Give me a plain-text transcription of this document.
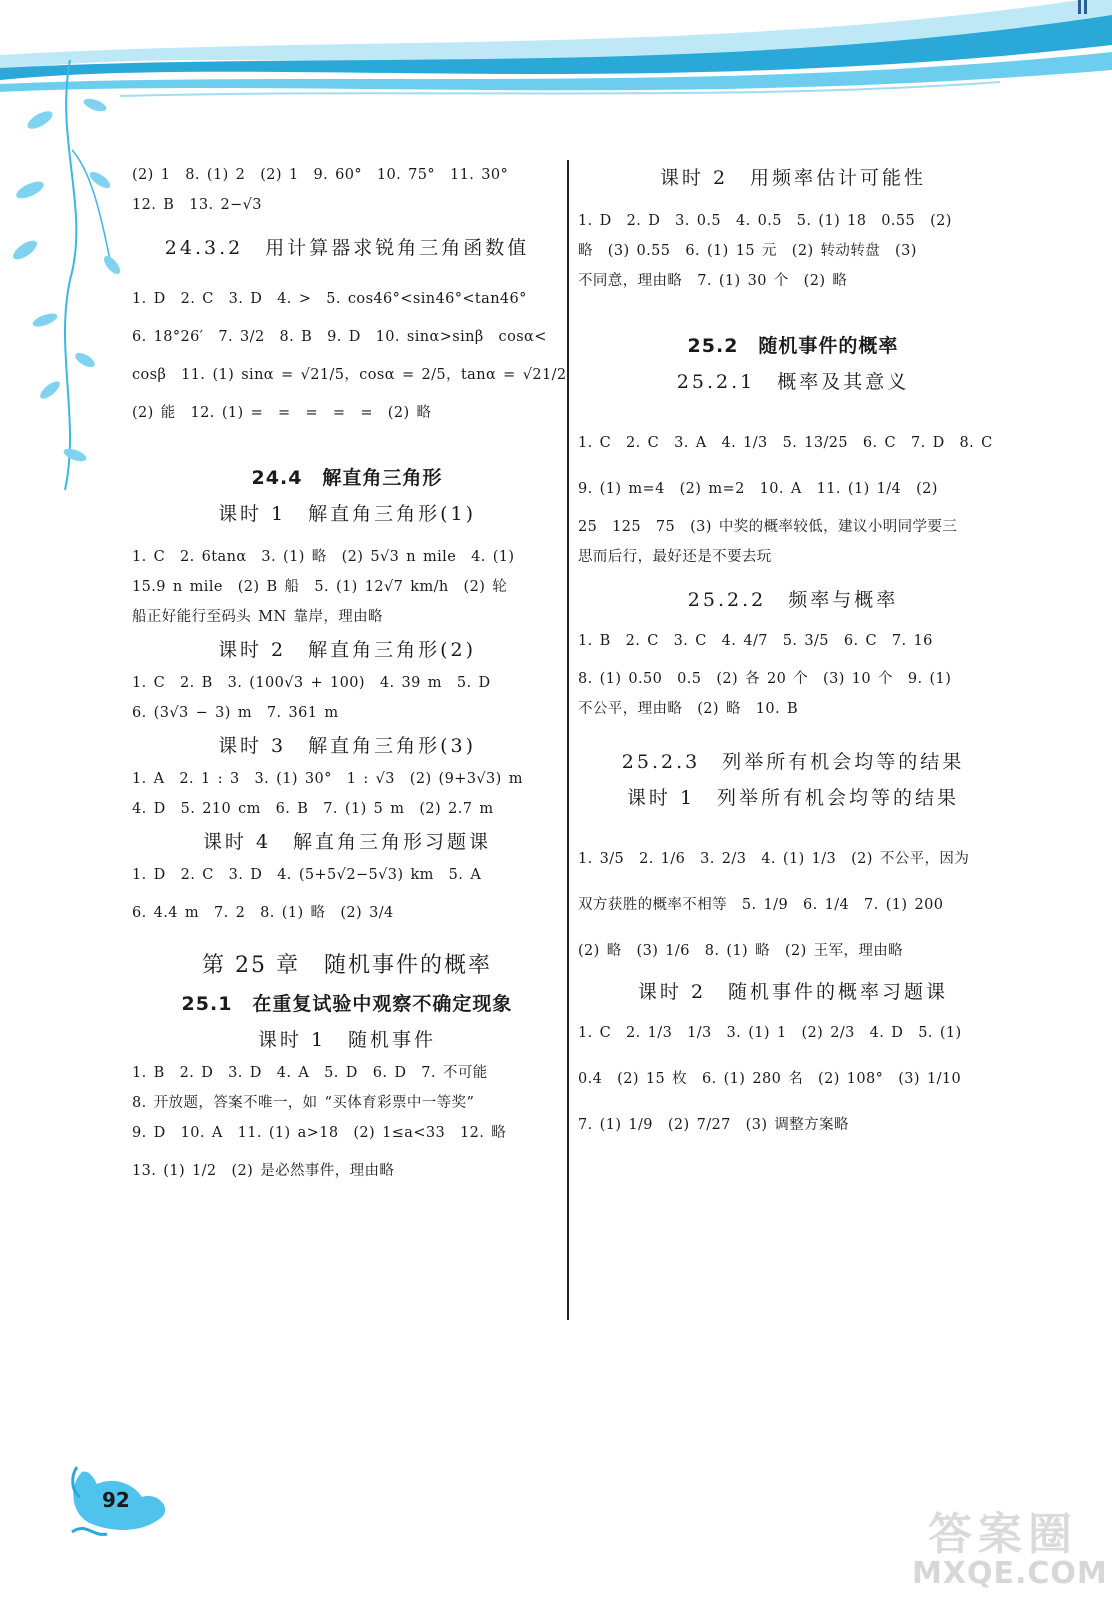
(2) 1　8. (1) 2　(2) 1　9. 60°　10. 75°　11. 30°
12. B　13. 2−√3
24.3.2　用计算器求锐角三角函数值
1. D　2. C　3. D　4. >　5. cos46°<sin46°<tan46°
6. 18°26′　7. 3/2　8. B　9. D　10. sinα>sinβ　cosα<
cosβ　11. (1) sinα = √21/5，cosα = 2/5，tanα = √21/2
(2) 能　12. (1) =　=　=　=　=　(2) 略
24.4　解直角三角形
课时 1　解直角三角形(1)
1. C　2. 6tanα　3. (1) 略　(2) 5√3 n mile　4. (1)
15.9 n mile　(2) B 船　5. (1) 12√7 km/h　(2) 轮
船正好能行至码头 MN 靠岸，理由略
课时 2　解直角三角形(2)
1. C　2. B　3. (100√3 + 100)　4. 39 m　5. D
6. (3√3 − 3) m　7. 361 m
课时 3　解直角三角形(3)
1. A　2. 1 : 3　3. (1) 30°　1 : √3　(2) (9+3√3) m
4. D　5. 210 cm　6. B　7. (1) 5 m　(2) 2.7 m
课时 4　解直角三角形习题课
1. D　2. C　3. D　4. (5+5√2−5√3) km　5. A
6. 4.4 m　7. 2　8. (1) 略　(2) 3/4
第 25 章　随机事件的概率
25.1　在重复试验中观察不确定现象
课时 1　随机事件
1. B　2. D　3. D　4. A　5. D　6. D　7. 不可能
8. 开放题，答案不唯一，如 “买体育彩票中一等奖”
9. D　10. A　11. (1) a>18　(2) 1≤a<33　12. 略
13. (1) 1/2　(2) 是必然事件，理由略
课时 2　用频率估计可能性
1. D　2. D　3. 0.5　4. 0.5　5. (1) 18　0.55　(2)
略　(3) 0.55　6. (1) 15 元　(2) 转动转盘　(3)
不同意，理由略　7. (1) 30 个　(2) 略
25.2　随机事件的概率
25.2.1　概率及其意义
1. C　2. C　3. A　4. 1/3　5. 13/25　6. C　7. D　8. C
9. (1) m=4　(2) m=2　10. A　11. (1) 1/4　(2)
25　125　75　(3) 中奖的概率较低，建议小明同学要三
思而后行，最好还是不要去玩
25.2.2　频率与概率
1. B　2. C　3. C　4. 4/7　5. 3/5　6. C　7. 16
8. (1) 0.50　0.5　(2) 各 20 个　(3) 10 个　9. (1)
不公平，理由略　(2) 略　10. B
25.2.3　列举所有机会均等的结果
课时 1　列举所有机会均等的结果
1. 3/5　2. 1/6　3. 2/3　4. (1) 1/3　(2) 不公平，因为
双方获胜的概率不相等　5. 1/9　6. 1/4　7. (1) 200
(2) 略　(3) 1/6　8. (1) 略　(2) 王军，理由略
课时 2　随机事件的概率习题课
1. C　2. 1/3　1/3　3. (1) 1　(2) 2/3　4. D　5. (1)
0.4　(2) 15 枚　6. (1) 280 名　(2) 108°　(3) 1/10
7. (1) 1/9　(2) 7/27　(3) 调整方案略
92
答案圈
MXQE.COM
